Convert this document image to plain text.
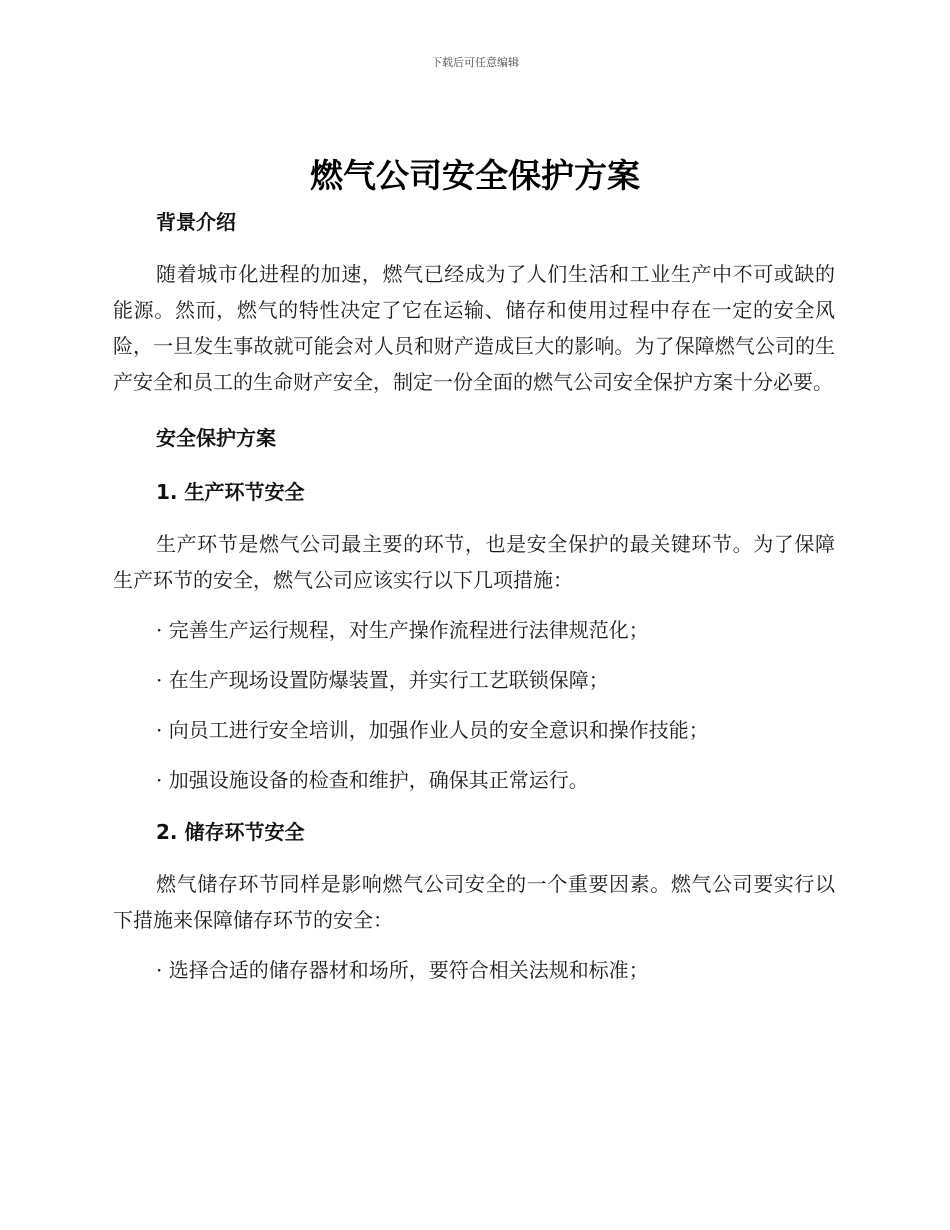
下载后可任意编辑
燃气公司安全保护方案
背景介绍

随着城市化进程的加速，燃气已经成为了人们生活和工业生产中不可或缺的能源。然而，燃气的特性决定了它在运输、储存和使用过程中存在一定的安全风险，一旦发生事故就可能会对人员和财产造成巨大的影响。为了保障燃气公司的生产安全和员工的生命财产安全，制定一份全面的燃气公司安全保护方案十分必要。

安全保护方案
1. 生产环节安全

生产环节是燃气公司最主要的环节，也是安全保护的最关键环节。为了保障生产环节的安全，燃气公司应该实行以下几项措施：

· 完善生产运行规程，对生产操作流程进行法律规范化；

· 在生产现场设置防爆装置，并实行工艺联锁保障；

· 向员工进行安全培训，加强作业人员的安全意识和操作技能；

· 加强设施设备的检查和维护，确保其正常运行。

2. 储存环节安全

燃气储存环节同样是影响燃气公司安全的一个重要因素。燃气公司要实行以下措施来保障储存环节的安全：

· 选择合适的储存器材和场所，要符合相关法规和标准；
